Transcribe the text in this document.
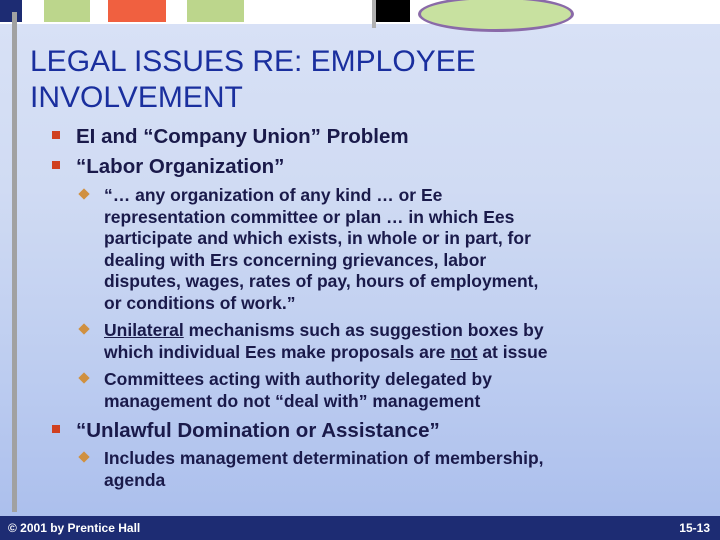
LEGAL ISSUES RE: EMPLOYEE
INVOLVEMENT
EI and “Company Union” Problem
“Labor Organization”
“… any organization of any kind … or Ee
representation committee or plan … in which Ees
participate and which exists, in whole or in part, for
dealing with Ers concerning grievances, labor
disputes, wages, rates of pay, hours of employment,
or conditions of work.”
Unilateral mechanisms such as suggestion boxes by
which individual Ees make proposals are not at issue
Committees acting with authority delegated by
management do not “deal with” management
“Unlawful Domination or Assistance”
Includes management determination of membership,
agenda
© 2001 by Prentice Hall	15-13
